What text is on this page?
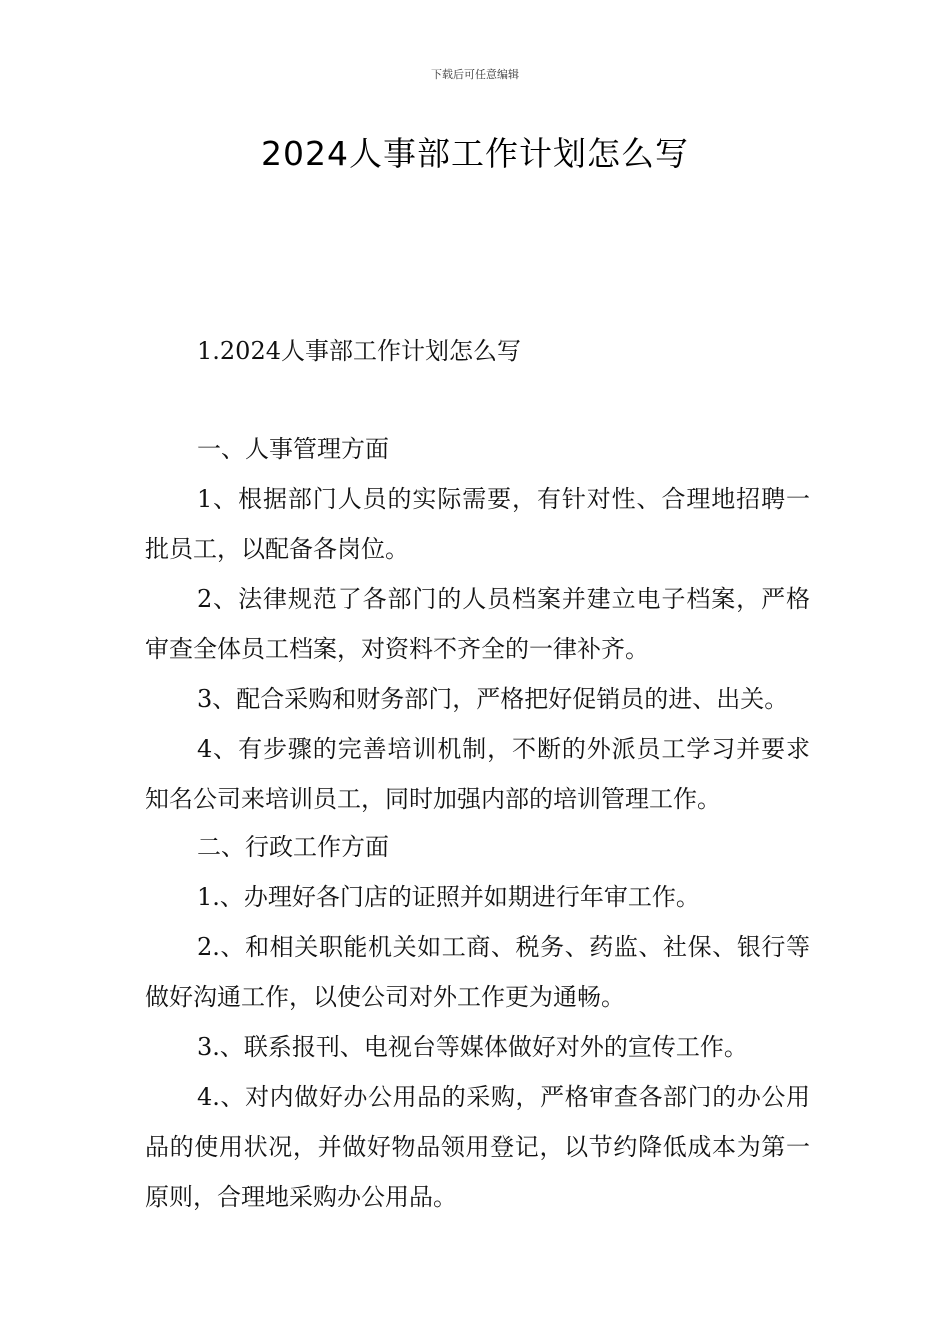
下载后可任意编辑
2024人事部工作计划怎么写

1.2024人事部工作计划怎么写

一、人事管理方面

1、根据部门人员的实际需要，有针对性、合理地招聘一批员工，以配备各岗位。

2、法律规范了各部门的人员档案并建立电子档案，严格审查全体员工档案，对资料不齐全的一律补齐。

3、配合采购和财务部门，严格把好促销员的进、出关。

4、有步骤的完善培训机制，不断的外派员工学习并要求知名公司来培训员工，同时加强内部的培训管理工作。

二、行政工作方面

1.、办理好各门店的证照并如期进行年审工作。

2.、和相关职能机关如工商、税务、药监、社保、银行等做好沟通工作，以使公司对外工作更为通畅。

3.、联系报刊、电视台等媒体做好对外的宣传工作。

4.、对内做好办公用品的采购，严格审查各部门的办公用品的使用状况，并做好物品领用登记，以节约降低成本为第一原则，合理地采购办公用品。
